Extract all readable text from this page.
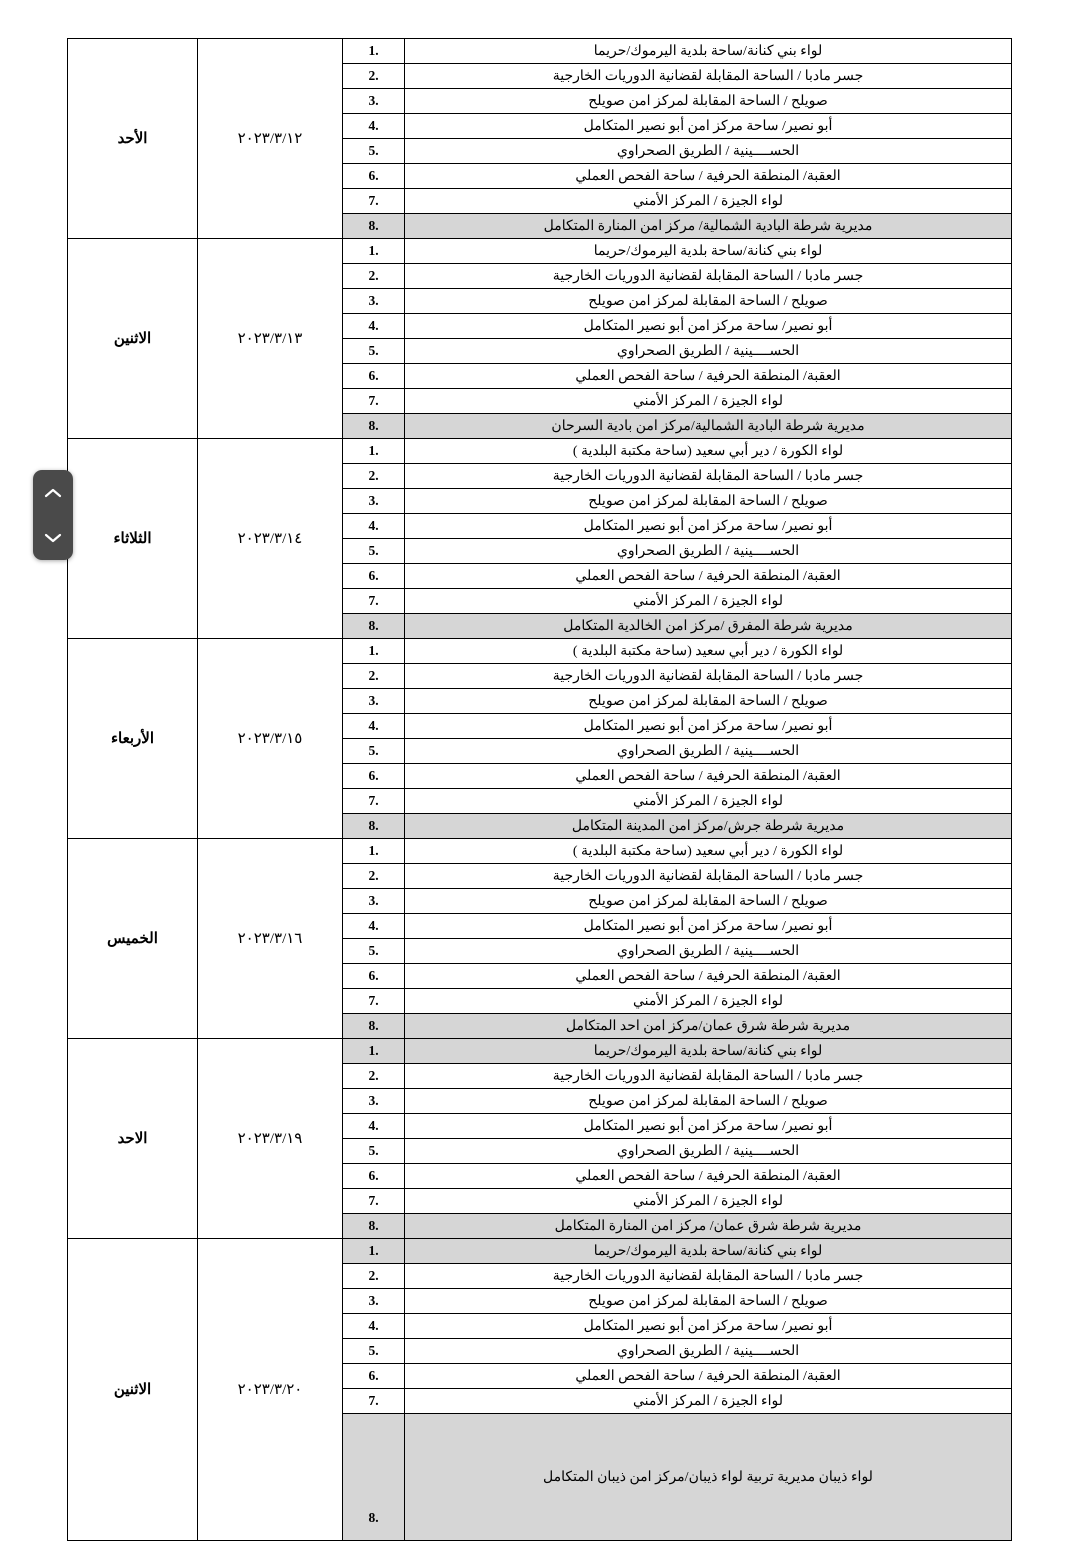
لواء بني كنانة/ساحة بلدية اليرموك/حريما	1.	٢٠٢٣/٣/١٢	الأحد
جسر مادبا / الساحة المقابلة لقضانية الدوريات الخارجية	2.		
صويلح / الساحة المقابلة لمركز امن صويلح	3.		
أبو نصير/ ساحة مركز امن أبو نصير المتكامل	4.		
الحســــينية / الطريق الصحراوي	5.		
العقبة/ المنطقة الحرفية / ساحة الفحص العملي	6.		
لواء الجيزة / المركز الأمني	7.		
مديرية شرطة البادية الشمالية/ مركز امن المنارة المتكامل	8.		
لواء بني كنانة/ساحة بلدية اليرموك/حريما	1.	٢٠٢٣/٣/١٣	الاثنين
جسر مادبا / الساحة المقابلة لقضانية الدوريات الخارجية	2.		
صويلح / الساحة المقابلة لمركز امن صويلح	3.		
أبو نصير/ ساحة مركز امن أبو نصير المتكامل	4.		
الحســــينية / الطريق الصحراوي	5.		
العقبة/ المنطقة الحرفية / ساحة الفحص العملي	6.		
لواء الجيزة / المركز الأمني	7.		
مديرية شرطة البادية الشمالية/مركز امن بادية السرحان	8.		
لواء الكورة / دير أبي سعيد (ساحة مكتبة البلدية )	1.	٢٠٢٣/٣/١٤	الثلاثاء
جسر مادبا / الساحة المقابلة لقضانية الدوريات الخارجية	2.		
صويلح / الساحة المقابلة لمركز امن صويلح	3.		
أبو نصير/ ساحة مركز امن أبو نصير المتكامل	4.		
الحســــينية / الطريق الصحراوي	5.		
العقبة/ المنطقة الحرفية / ساحة الفحص العملي	6.		
لواء الجيزة / المركز الأمني	7.		
مديرية شرطة المفرق /مركز امن الخالدية المتكامل	8.		
لواء الكورة / دير أبي سعيد (ساحة مكتبة البلدية )	1.	٢٠٢٣/٣/١٥	الأربعاء
جسر مادبا / الساحة المقابلة لقضانية الدوريات الخارجية	2.		
صويلح / الساحة المقابلة لمركز امن صويلح	3.		
أبو نصير/ ساحة مركز امن أبو نصير المتكامل	4.		
الحســــينية / الطريق الصحراوي	5.		
العقبة/ المنطقة الحرفية / ساحة الفحص العملي	6.		
لواء الجيزة / المركز الأمني	7.		
مديرية شرطة جرش/مركز امن المدينة المتكامل	8.		
لواء الكورة / دير أبي سعيد (ساحة مكتبة البلدية )	1.	٢٠٢٣/٣/١٦	الخميس
جسر مادبا / الساحة المقابلة لقضانية الدوريات الخارجية	2.		
صويلح / الساحة المقابلة لمركز امن صويلح	3.		
أبو نصير/ ساحة مركز امن أبو نصير المتكامل	4.		
الحســــينية / الطريق الصحراوي	5.		
العقبة/ المنطقة الحرفية / ساحة الفحص العملي	6.		
لواء الجيزة / المركز الأمني	7.		
مديرية شرطة شرق عمان/مركز امن احد المتكامل	8.		
لواء بني كنانة/ساحة بلدية اليرموك/حريما	1.	٢٠٢٣/٣/١٩	الاحد
جسر مادبا / الساحة المقابلة لقضانية الدوريات الخارجية	2.		
صويلح / الساحة المقابلة لمركز امن صويلح	3.		
أبو نصير/ ساحة مركز امن أبو نصير المتكامل	4.		
الحســــينية / الطريق الصحراوي	5.		
العقبة/ المنطقة الحرفية / ساحة الفحص العملي	6.		
لواء الجيزة / المركز الأمني	7.		
مديرية شرطة شرق عمان/ مركز امن المنارة المتكامل	8.		
لواء بني كنانة/ساحة بلدية اليرموك/حريما	1.	٢٠٢٣/٣/٢٠	الاثنين
جسر مادبا / الساحة المقابلة لقضانية الدوريات الخارجية	2.		
صويلح / الساحة المقابلة لمركز امن صويلح	3.		
أبو نصير/ ساحة مركز امن أبو نصير المتكامل	4.		
الحســــينية / الطريق الصحراوي	5.		
العقبة/ المنطقة الحرفية / ساحة الفحص العملي	6.		
لواء الجيزة / المركز الأمني	7.		
لواء ذيبان مديرية تربية لواء ذيبان/مركز امن ذيبان المتكامل	8.		
